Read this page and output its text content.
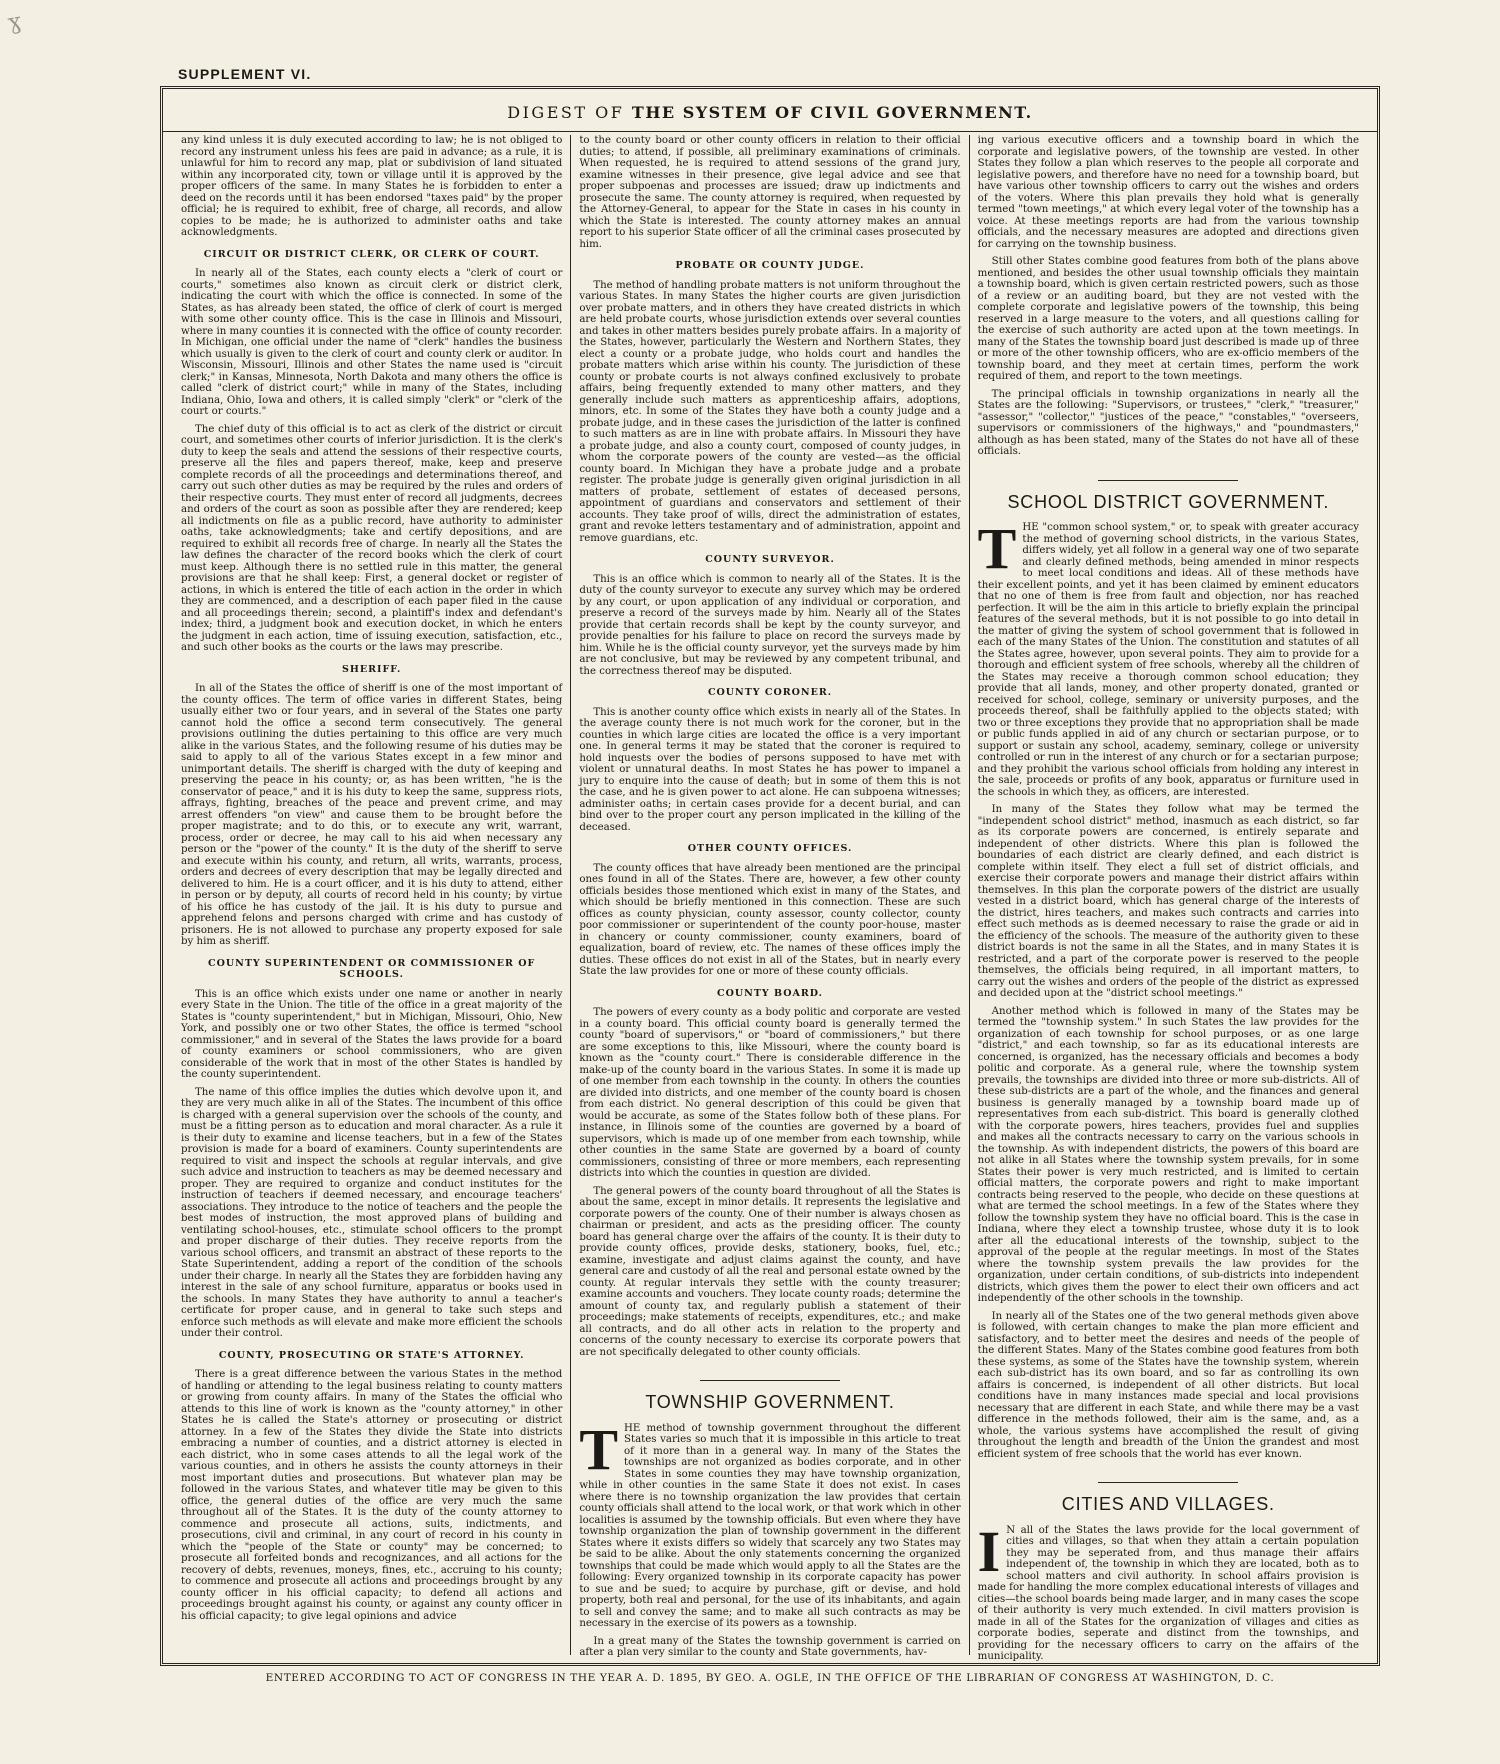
ɣ
SUPPLEMENT VI.
DIGEST OF THE SYSTEM OF CIVIL GOVERNMENT.

any kind unless it is duly executed according to law; he is not obliged to record any instrument unless his fees are paid in advance; as a rule, it is unlawful for him to record any map, plat or subdivision of land situated within any incorporated city, town or village until it is approved by the proper officers of the same. In many States he is forbidden to enter a deed on the records until it has been endorsed "taxes paid" by the proper official; he is required to exhibit, free of charge, all records, and allow copies to be made; he is authorized to administer oaths and take acknowledgments.

CIRCUIT OR DISTRICT CLERK, OR CLERK OF COURT.

In nearly all of the States, each county elects a "clerk of court or courts," sometimes also known as circuit clerk or district clerk, indicating the court with which the office is connected. In some of the States, as has already been stated, the office of clerk of court is merged with some other county office. This is the case in Illinois and Missouri, where in many counties it is connected with the office of county recorder. In Michigan, one official under the name of "clerk" handles the business which usually is given to the clerk of court and county clerk or auditor. In Wisconsin, Missouri, Illinois and other States the name used is "circuit clerk;" in Kansas, Minnesota, North Dakota and many others the office is called "clerk of district court;" while in many of the States, including Indiana, Ohio, Iowa and others, it is called simply "clerk" or "clerk of the court or courts."

The chief duty of this official is to act as clerk of the district or circuit court, and sometimes other courts of inferior jurisdiction. It is the clerk's duty to keep the seals and attend the sessions of their respective courts, preserve all the files and papers thereof, make, keep and preserve complete records of all the proceedings and determinations thereof, and carry out such other duties as may be required by the rules and orders of their respective courts. They must enter of record all judgments, decrees and orders of the court as soon as possible after they are rendered; keep all indictments on file as a public record, have authority to administer oaths, take acknowledgments; take and certify depositions, and are required to exhibit all records free of charge. In nearly all the States the law defines the character of the record books which the clerk of court must keep. Although there is no settled rule in this matter, the general provisions are that he shall keep: First, a general docket or register of actions, in which is entered the title of each action in the order in which they are commenced, and a description of each paper filed in the cause and all proceedings therein; second, a plaintiff's index and defendant's index; third, a judgment book and execution docket, in which he enters the judgment in each action, time of issuing execution, satisfaction, etc., and such other books as the courts or the laws may prescribe.

SHERIFF.

In all of the States the office of sheriff is one of the most important of the county offices. The term of office varies in different States, being usually either two or four years, and in several of the States one party cannot hold the office a second term consecutively. The general provisions outlining the duties pertaining to this office are very much alike in the various States, and the following resume of his duties may be said to apply to all of the various States except in a few minor and unimportant details. The sheriff is charged with the duty of keeping and preserving the peace in his county; or, as has been written, "he is the conservator of peace," and it is his duty to keep the same, suppress riots, affrays, fighting, breaches of the peace and prevent crime, and may arrest offenders "on view" and cause them to be brought before the proper magistrate; and to do this, or to execute any writ, warrant, process, order or decree, he may call to his aid when necessary any person or the "power of the county." It is the duty of the sheriff to serve and execute within his county, and return, all writs, warrants, process, orders and decrees of every description that may be legally directed and delivered to him. He is a court officer, and it is his duty to attend, either in person or by deputy, all courts of record held in his county; by virtue of his office he has custody of the jail. It is his duty to pursue and apprehend felons and persons charged with crime and has custody of prisoners. He is not allowed to purchase any property exposed for sale by him as sheriff.

COUNTY SUPERINTENDENT OR COMMISSIONER OF SCHOOLS.

This is an office which exists under one name or another in nearly every State in the Union. The title of the office in a great majority of the States is "county superintendent," but in Michigan, Missouri, Ohio, New York, and possibly one or two other States, the office is termed "school commissioner," and in several of the States the laws provide for a board of county examiners or school commissioners, who are given considerable of the work that in most of the other States is handled by the county superintendent.

The name of this office implies the duties which devolve upon it, and they are very much alike in all of the States. The incumbent of this office is charged with a general supervision over the schools of the county, and must be a fitting person as to education and moral character. As a rule it is their duty to examine and license teachers, but in a few of the States provision is made for a board of examiners. County superintendents are required to visit and inspect the schools at regular intervals, and give such advice and instruction to teachers as may be deemed necessary and proper. They are required to organize and conduct institutes for the instruction of teachers if deemed necessary, and encourage teachers' associations. They introduce to the notice of teachers and the people the best modes of instruction, the most approved plans of building and ventilating school-houses, etc., stimulate school officers to the prompt and proper discharge of their duties. They receive reports from the various school officers, and transmit an abstract of these reports to the State Superintendent, adding a report of the condition of the schools under their charge. In nearly all the States they are forbidden having any interest in the sale of any school furniture, apparatus or books used in the schools. In many States they have authority to annul a teacher's certificate for proper cause, and in general to take such steps and enforce such methods as will elevate and make more efficient the schools under their control.

COUNTY, PROSECUTING OR STATE'S ATTORNEY.

There is a great difference between the various States in the method of handling or attending to the legal business relating to county matters or growing from county affairs. In many of the States the official who attends to this line of work is known as the "county attorney," in other States he is called the State's attorney or prosecuting or district attorney. In a few of the States they divide the State into districts embracing a number of counties, and a district attorney is elected in each district, who in some cases attends to all the legal work of the various counties, and in others he assists the county attorneys in their most important duties and prosecutions. But whatever plan may be followed in the various States, and whatever title may be given to this office, the general duties of the office are very much the same throughout all of the States. It is the duty of the county attorney to commence and prosecute all actions, suits, indictments, and prosecutions, civil and criminal, in any court of record in his county in which the "people of the State or county" may be concerned; to prosecute all forfeited bonds and recognizances, and all actions for the recovery of debts, revenues, moneys, fines, etc., accruing to his county; to commence and prosecute all actions and proceedings brought by any county officer in his official capacity; to defend all actions and proceedings brought against his county, or against any county officer in his official capacity; to give legal opinions and advice

to the county board or other county officers in relation to their official duties; to attend, if possible, all preliminary examinations of criminals. When requested, he is required to attend sessions of the grand jury, examine witnesses in their presence, give legal advice and see that proper subpoenas and processes are issued; draw up indictments and prosecute the same. The county attorney is required, when requested by the Attorney-General, to appear for the State in cases in his county in which the State is interested. The county attorney makes an annual report to his superior State officer of all the criminal cases prosecuted by him.

PROBATE OR COUNTY JUDGE.

The method of handling probate matters is not uniform throughout the various States. In many States the higher courts are given jurisdiction over probate matters, and in others they have created districts in which are held probate courts, whose jurisdiction extends over several counties and takes in other matters besides purely probate affairs. In a majority of the States, however, particularly the Western and Northern States, they elect a county or a probate judge, who holds court and handles the probate matters which arise within his county. The jurisdiction of these county or probate courts is not always confined exclusively to probate affairs, being frequently extended to many other matters, and they generally include such matters as apprenticeship affairs, adoptions, minors, etc. In some of the States they have both a county judge and a probate judge, and in these cases the jurisdiction of the latter is confined to such matters as are in line with probate affairs. In Missouri they have a probate judge, and also a county court, composed of county judges, in whom the corporate powers of the county are vested—as the official county board. In Michigan they have a probate judge and a probate register. The probate judge is generally given original jurisdiction in all matters of probate, settlement of estates of deceased persons, appointment of guardians and conservators and settlement of their accounts. They take proof of wills, direct the administration of estates, grant and revoke letters testamentary and of administration, appoint and remove guardians, etc.

COUNTY SURVEYOR.

This is an office which is common to nearly all of the States. It is the duty of the county surveyor to execute any survey which may be ordered by any court, or upon application of any individual or corporation, and preserve a record of the surveys made by him. Nearly all of the States provide that certain records shall be kept by the county surveyor, and provide penalties for his failure to place on record the surveys made by him. While he is the official county surveyor, yet the surveys made by him are not conclusive, but may be reviewed by any competent tribunal, and the correctness thereof may be disputed.

COUNTY CORONER.

This is another county office which exists in nearly all of the States. In the average county there is not much work for the coroner, but in the counties in which large cities are located the office is a very important one. In general terms it may be stated that the coroner is required to hold inquests over the bodies of persons supposed to have met with violent or unnatural deaths. In most States he has power to impanel a jury to enquire into the cause of death; but in some of them this is not the case, and he is given power to act alone. He can subpoena witnesses; administer oaths; in certain cases provide for a decent burial, and can bind over to the proper court any person implicated in the killing of the deceased.

OTHER COUNTY OFFICES.

The county offices that have already been mentioned are the principal ones found in all of the States. There are, however, a few other county officials besides those mentioned which exist in many of the States, and which should be briefly mentioned in this connection. These are such offices as county physician, county assessor, county collector, county poor commissioner or superintendent of the county poor-house, master in chancery or county commissioner, county examiners, board of equalization, board of review, etc. The names of these offices imply the duties. These offices do not exist in all of the States, but in nearly every State the law provides for one or more of these county officials.

COUNTY BOARD.

The powers of every county as a body politic and corporate are vested in a county board. This official county board is generally termed the county "board of supervisors," or "board of commissioners," but there are some exceptions to this, like Missouri, where the county board is known as the "county court." There is considerable difference in the make-up of the county board in the various States. In some it is made up of one member from each township in the county. In others the counties are divided into districts, and one member of the county board is chosen from each district. No general description of this could be given that would be accurate, as some of the States follow both of these plans. For instance, in Illinois some of the counties are governed by a board of supervisors, which is made up of one member from each township, while other counties in the same State are governed by a board of county commissioners, consisting of three or more members, each representing districts into which the counties in question are divided.

The general powers of the county board throughout of all the States is about the same, except in minor details. It represents the legislative and corporate powers of the county. One of their number is always chosen as chairman or president, and acts as the presiding officer. The county board has general charge over the affairs of the county. It is their duty to provide county offices, provide desks, stationery, books, fuel, etc.; examine, investigate and adjust claims against the county, and have general care and custody of all the real and personal estate owned by the county. At regular intervals they settle with the county treasurer; examine accounts and vouchers. They locate county roads; determine the amount of county tax, and regularly publish a statement of their proceedings; make statements of receipts, expenditures, etc.; and make all contracts, and do all other acts in relation to the property and concerns of the county necessary to exercise its corporate powers that are not specifically delegated to other county officials.

TOWNSHIP GOVERNMENT.

THE method of township government throughout the different States varies so much that it is impossible in this article to treat of it more than in a general way. In many of the States the townships are not organized as bodies corporate, and in other States in some counties they may have township organization, while in other counties in the same State it does not exist. In cases where there is no township organization the law provides that certain county officials shall attend to the local work, or that work which in other localities is assumed by the township officials. But even where they have township organization the plan of township government in the different States where it exists differs so widely that scarcely any two States may be said to be alike. About the only statements concerning the organized townships that could be made which would apply to all the States are the following: Every organized township in its corporate capacity has power to sue and be sued; to acquire by purchase, gift or devise, and hold property, both real and personal, for the use of its inhabitants, and again to sell and convey the same; and to make all such contracts as may be necessary in the exercise of its powers as a township.

In a great many of the States the township government is carried on after a plan very similar to the county and State governments, hav-

ing various executive officers and a township board in which the corporate and legislative powers, of the township are vested. In other States they follow a plan which reserves to the people all corporate and legislative powers, and therefore have no need for a township board, but have various other township officers to carry out the wishes and orders of the voters. Where this plan prevails they hold what is generally termed "town meetings," at which every legal voter of the township has a voice. At these meetings reports are had from the various township officials, and the necessary measures are adopted and directions given for carrying on the township business.

Still other States combine good features from both of the plans above mentioned, and besides the other usual township officials they maintain a township board, which is given certain restricted powers, such as those of a review or an auditing board, but they are not vested with the complete corporate and legislative powers of the township, this being reserved in a large measure to the voters, and all questions calling for the exercise of such authority are acted upon at the town meetings. In many of the States the township board just described is made up of three or more of the other township officers, who are ex-officio members of the township board, and they meet at certain times, perform the work required of them, and report to the town meetings.

The principal officials in township organizations in nearly all the States are the following: "Supervisors, or trustees," "clerk," "treasurer," "assessor," "collector," "justices of the peace," "constables," "overseers, supervisors or commissioners of the highways," and "poundmasters," although as has been stated, many of the States do not have all of these officials.

SCHOOL DISTRICT GOVERNMENT.

THE "common school system," or, to speak with greater accuracy the method of governing school districts, in the various States, differs widely, yet all follow in a general way one of two separate and clearly defined methods, being amended in minor respects to meet local conditions and ideas. All of these methods have their excellent points, and yet it has been claimed by eminent educators that no one of them is free from fault and objection, nor has reached perfection. It will be the aim in this article to briefly explain the principal features of the several methods, but it is not possible to go into detail in the matter of giving the system of school government that is followed in each of the many States of the Union. The constitution and statutes of all the States agree, however, upon several points. They aim to provide for a thorough and efficient system of free schools, whereby all the children of the States may receive a thorough common school education; they provide that all lands, money, and other property donated, granted or received for school, college, seminary or university purposes, and the proceeds thereof, shall be faithfully applied to the objects stated; with two or three exceptions they provide that no appropriation shall be made or public funds applied in aid of any church or sectarian purpose, or to support or sustain any school, academy, seminary, college or university controlled or run in the interest of any church or for a sectarian purpose; and they prohibit the various school officials from holding any interest in the sale, proceeds or profits of any book, apparatus or furniture used in the schools in which they, as officers, are interested.

In many of the States they follow what may be termed the "independent school district" method, inasmuch as each district, so far as its corporate powers are concerned, is entirely separate and independent of other districts. Where this plan is followed the boundaries of each district are clearly defined, and each district is complete within itself. They elect a full set of district officials, and exercise their corporate powers and manage their district affairs within themselves. In this plan the corporate powers of the district are usually vested in a district board, which has general charge of the interests of the district, hires teachers, and makes such contracts and carries into effect such methods as is deemed necessary to raise the grade or aid in the efficiency of the schools. The measure of the authority given to these district boards is not the same in all the States, and in many States it is restricted, and a part of the corporate power is reserved to the people themselves, the officials being required, in all important matters, to carry out the wishes and orders of the people of the district as expressed and decided upon at the "district school meetings."

Another method which is followed in many of the States may be termed the "township system." In such States the law provides for the organization of each township for school purposes, or as one large "district," and each township, so far as its educational interests are concerned, is organized, has the necessary officials and becomes a body politic and corporate. As a general rule, where the township system prevails, the townships are divided into three or more sub-districts. All of these sub-districts are a part of the whole, and the finances and general business is generally managed by a township board made up of representatives from each sub-district. This board is generally clothed with the corporate powers, hires teachers, provides fuel and supplies and makes all the contracts necessary to carry on the various schools in the township. As with independent districts, the powers of this board are not alike in all States where the township system prevails, for in some States their power is very much restricted, and is limited to certain official matters, the corporate powers and right to make important contracts being reserved to the people, who decide on these questions at what are termed the school meetings. In a few of the States where they follow the township system they have no official board. This is the case in Indiana, where they elect a township trustee, whose duty it is to look after all the educational interests of the township, subject to the approval of the people at the regular meetings. In most of the States where the township system prevails the law provides for the organization, under certain conditions, of sub-districts into independent districts, which gives them the power to elect their own officers and act independently of the other schools in the township.

In nearly all of the States one of the two general methods given above is followed, with certain changes to make the plan more efficient and satisfactory, and to better meet the desires and needs of the people of the different States. Many of the States combine good features from both these systems, as some of the States have the township system, wherein each sub-district has its own board, and so far as controlling its own affairs is concerned, is independent of all other districts. But local conditions have in many instances made special and local provisions necessary that are different in each State, and while there may be a vast difference in the methods followed, their aim is the same, and, as a whole, the various systems have accomplished the result of giving throughout the length and breadth of the Union the grandest and most efficient system of free schools that the world has ever known.

CITIES AND VILLAGES.

I N all of the States the laws provide for the local government of cities and villages, so that when they attain a certain population they may be seperated from, and thus manage their affairs independent of, the township in which they are located, both as to school matters and civil authority. In school affairs provision is made for handling the more complex educational interests of villages and cities—the school boards being made larger, and in many cases the scope of their authority is very much extended. In civil matters provision is made in all of the States for the organization of villages and cities as corporate bodies, seperate and distinct from the townships, and providing for the necessary officers to carry on the affairs of the municipality.

ENTERED ACCORDING TO ACT OF CONGRESS IN THE YEAR A. D. 1895, BY GEO. A. OGLE, IN THE OFFICE OF THE LIBRARIAN OF CONGRESS AT WASHINGTON, D. C.
